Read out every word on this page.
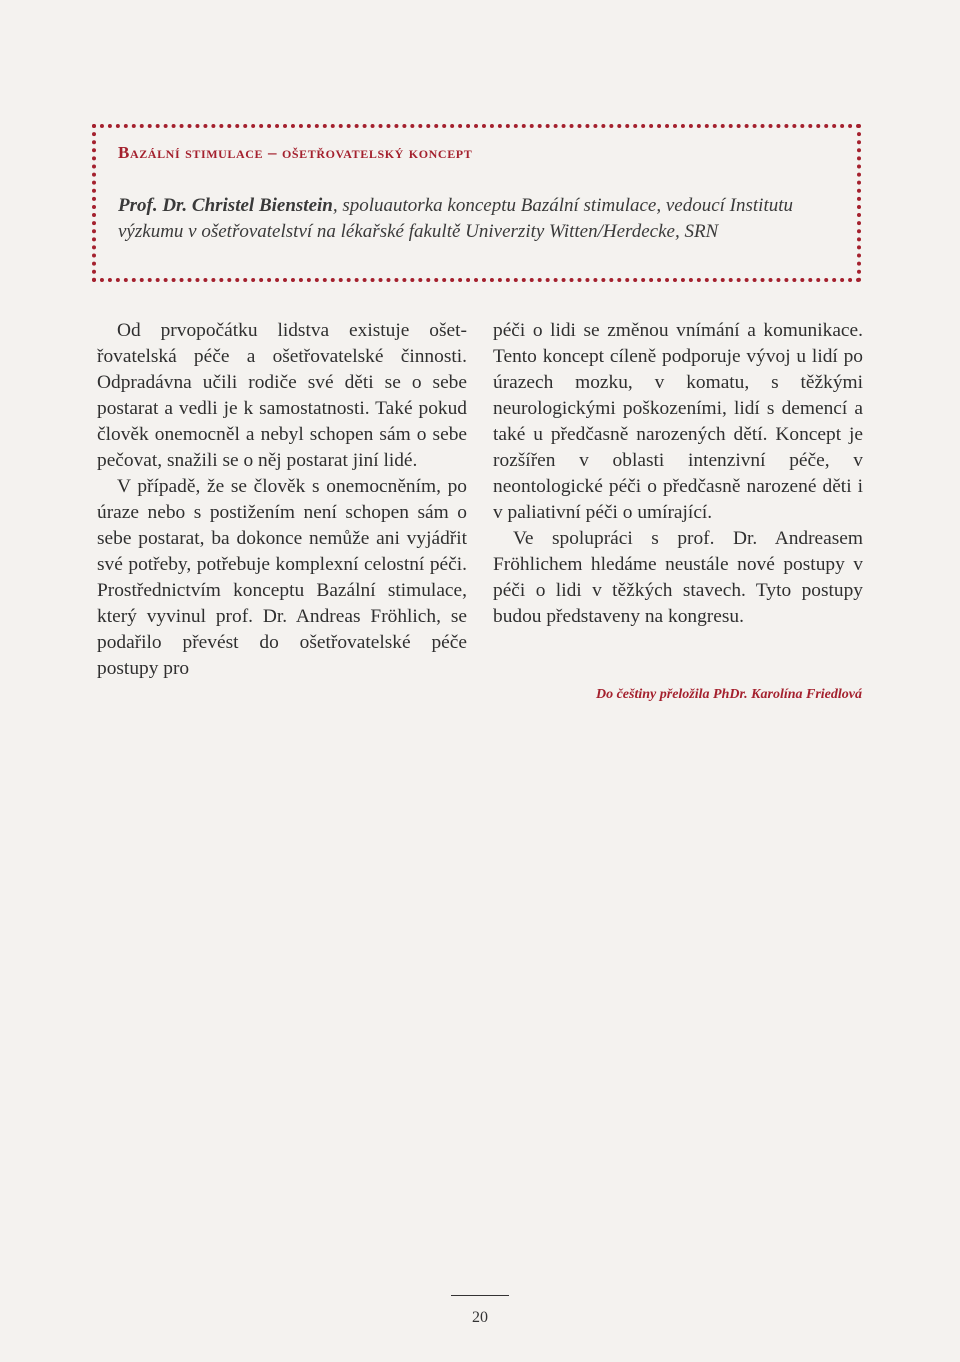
Bazální stimulace – ošetřovatelský koncept
Prof. Dr. Christel Bienstein, spoluautorka konceptu Bazální stimulace, vedoucí Institutu výzkumu v ošetřovatelství na lékařské fakultě Univerzity Witten/Herdecke, SRN

Od prvopočátku lidstva existuje ošetřovatelská péče a ošetřovatelské činnosti. Odpradávna učili rodiče své děti se o sebe postarat a vedli je k samostatnosti. Také pokud člověk onemocněl a nebyl schopen sám o sebe pečovat, snažili se o něj postarat jiní lidé.

V případě, že se člověk s onemocněním, po úraze nebo s postižením není schopen sám o sebe postarat, ba dokonce nemůže ani vyjádřit své potřeby, potřebuje komplexní celostní péči. Prostřednictvím konceptu Bazální stimulace, který vyvinul prof. Dr. Andreas Fröhlich, se podařilo převést do ošetřovatelské péče postupy pro

péči o lidi se změnou vnímání a komunikace. Tento koncept cíleně podporuje vývoj u lidí po úrazech mozku, v komatu, s těžkými neurologickými poškozeními, lidí s demencí a také u předčasně narozených dětí. Koncept je rozšířen v oblasti intenzivní péče, v neontologické péči o předčasně narozené děti i v paliativní péči o umírající.

Ve spolupráci s prof. Dr. Andreasem Fröhlichem hledáme neustále nové postupy v péči o lidi v těžkých stavech. Tyto postupy budou představeny na kongresu.

Do češtiny přeložila PhDr. Karolína Friedlová
20
